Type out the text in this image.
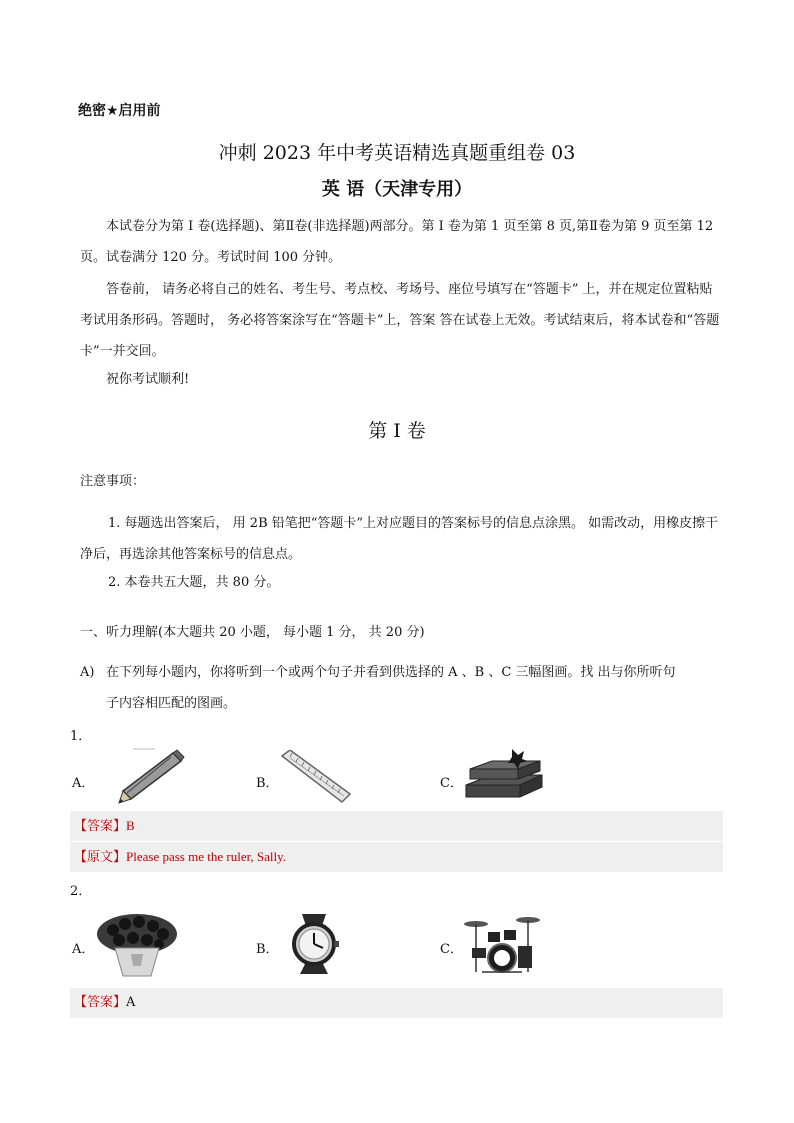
绝密★启用前
冲刺 2023 年中考英语精选真题重组卷 03
英 语（天津专用）
本试卷分为第 I 卷(选择题)、第Ⅱ卷(非选择题)两部分。第 I 卷为第 1 页至第 8 页,第Ⅱ卷为第 9 页至第 12 页。试卷满分 120 分。考试时间 100 分钟。
答卷前， 请务必将自己的姓名、考生号、考点校、考场号、座位号填写在“答题卡” 上，并在规定位置粘贴考试用条形码。答题时， 务必将答案涂写在“答题卡”上，答案 答在试卷上无效。考试结束后，将本试卷和“答题卡”一并交回。
祝你考试顺利!
第 I 卷
注意事项：
1. 每题选出答案后， 用 2B 铅笔把“答题卡”上对应题目的答案标号的信息点涂黑。 如需改动，用橡皮擦干净后，再选涂其他答案标号的信息点。
2. 本卷共五大题，共 80 分。
一、听力理解(本大题共 20 小题， 每小题 1 分， 共 20 分)
A) 在下列每小题内，你将听到一个或两个句子并看到供选择的 A 、B 、C 三幅图画。找 出与你所听句
子内容相匹配的图画。
1．
A．	B．	C．
【答案】B
【原文】Please pass me the ruler, Sally.
2．
A．	B．	C．
【答案】A
